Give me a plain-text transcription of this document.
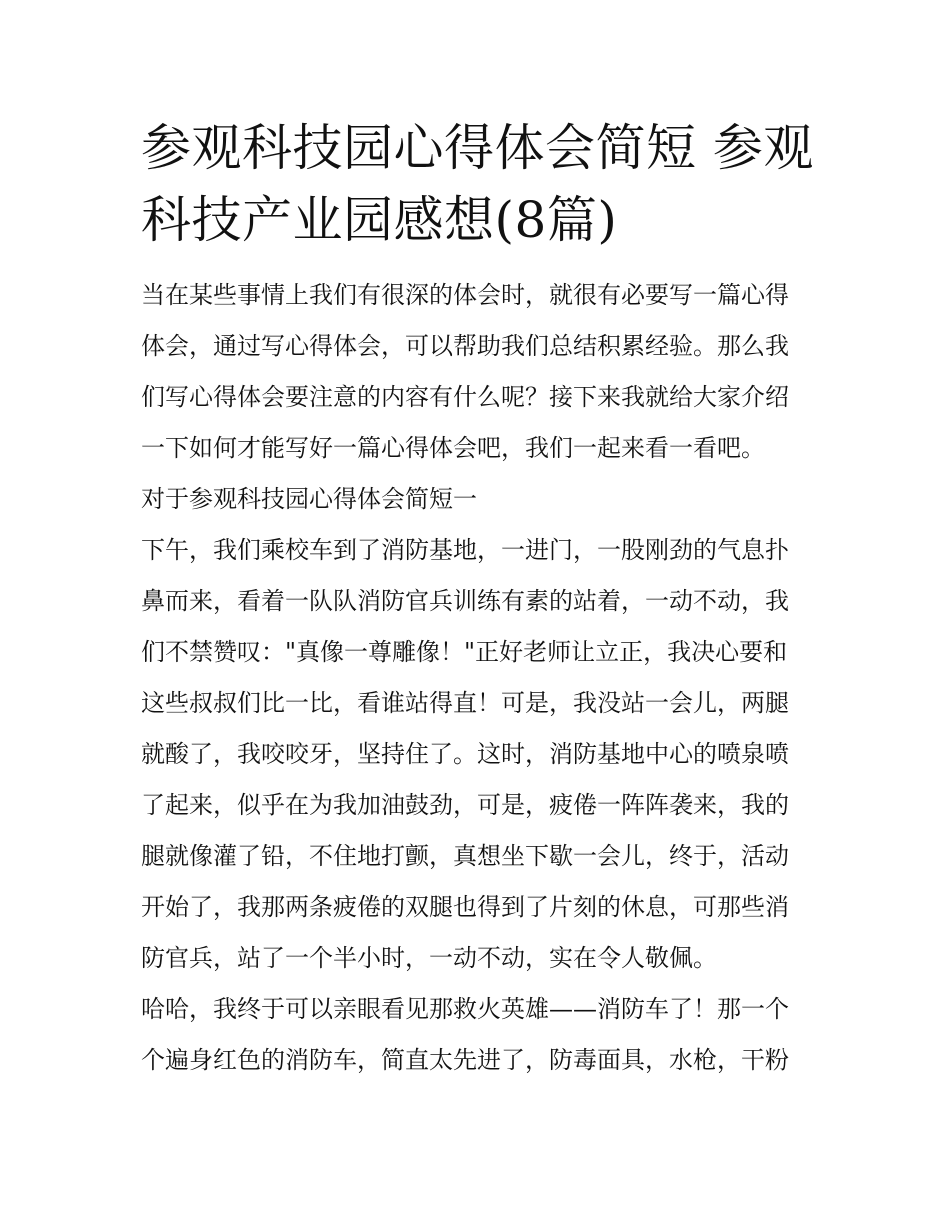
参观科技园心得体会简短 参观
科技产业园感想(8篇)
当在某些事情上我们有很深的体会时，就很有必要写一篇心得
体会，通过写心得体会，可以帮助我们总结积累经验。那么我
们写心得体会要注意的内容有什么呢？接下来我就给大家介绍
一下如何才能写好一篇心得体会吧，我们一起来看一看吧。
对于参观科技园心得体会简短一
下午，我们乘校车到了消防基地，一进门，一股刚劲的气息扑
鼻而来，看着一队队消防官兵训练有素的站着，一动不动，我
们不禁赞叹："真像一尊雕像！"正好老师让立正，我决心要和
这些叔叔们比一比，看谁站得直！可是，我没站一会儿，两腿
就酸了，我咬咬牙，坚持住了。这时，消防基地中心的喷泉喷
了起来，似乎在为我加油鼓劲，可是，疲倦一阵阵袭来，我的
腿就像灌了铅，不住地打颤，真想坐下歇一会儿，终于，活动
开始了，我那两条疲倦的双腿也得到了片刻的休息，可那些消
防官兵，站了一个半小时，一动不动，实在令人敬佩。
哈哈，我终于可以亲眼看见那救火英雄——消防车了！那一个
个遍身红色的消防车，简直太先进了，防毒面具，水枪，干粉
